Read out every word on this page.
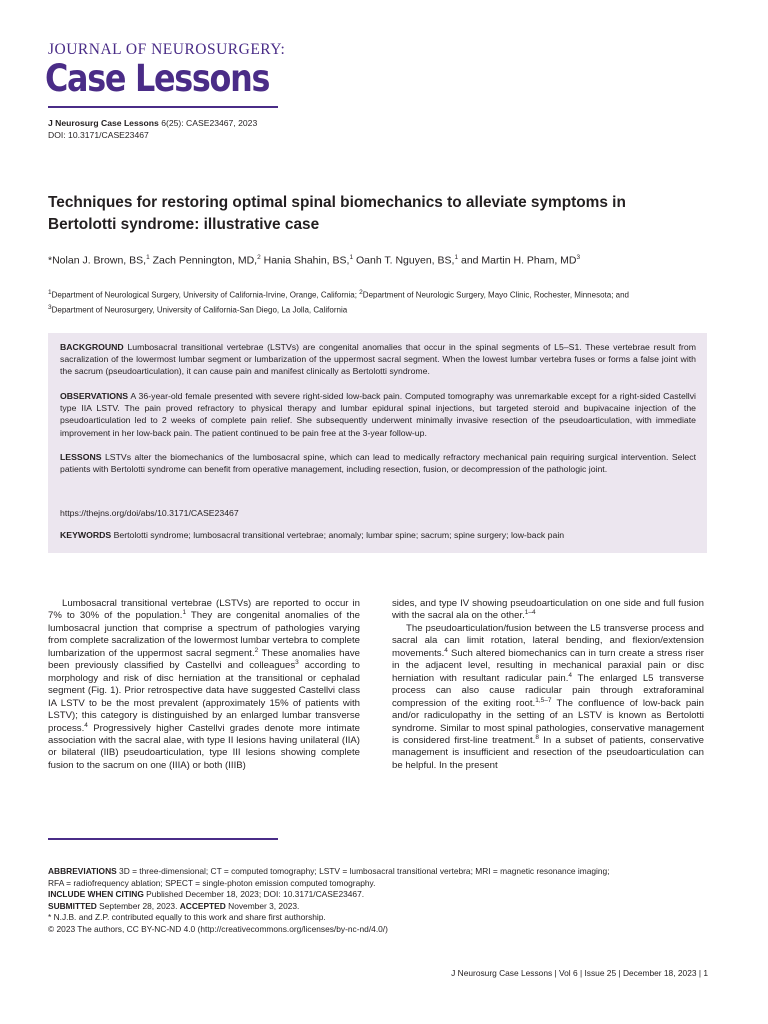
JOURNAL OF NEUROSURGERY:
Case Lessons
J Neurosurg Case Lessons 6(25): CASE23467, 2023
DOI: 10.3171/CASE23467
Techniques for restoring optimal spinal biomechanics to alleviate symptoms in Bertolotti syndrome: illustrative case
*Nolan J. Brown, BS,$^1$ Zach Pennington, MD,$^2$ Hania Shahin, BS,$^1$ Oanh T. Nguyen, BS,$^1$ and Martin H. Pham, $MD^3$
$^1$Department of Neurological Surgery, University of California-Irvine, Orange, California; $^2$Department of Neurologic Surgery, Mayo Clinic, Rochester, Minnesota; and
$^3$Department of Neurosurgery, University of California-San Diego, La Jolla, California
BACKGROUND Lumbosacral transitional vertebrae (LSTVs) are congenital anomalies that occur in the spinal segments of L5–S1. These vertebrae result from sacralization of the lowermost lumbar segment or lumbarization of the uppermost sacral segment. When the lowest lumbar vertebra fuses or forms a false joint with the sacrum (pseudoarticulation), it can cause pain and manifest clinically as Bertolotti syndrome.
OBSERVATIONS A 36-year-old female presented with severe right-sided low-back pain. Computed tomography was unremarkable except for a right-sided Castellvi type IIA LSTV. The pain proved refractory to physical therapy and lumbar epidural spinal injections, but targeted steroid and bupivacaine injection of the pseudoarticulation led to 2 weeks of complete pain relief. She subsequently underwent minimally invasive resection of the pseudoarticulation, with immediate improvement in her low-back pain. The patient continued to be pain free at the 3-year follow-up.
LESSONS LSTVs alter the biomechanics of the lumbosacral spine, which can lead to medically refractory mechanical pain requiring surgical intervention. Select patients with Bertolotti syndrome can benefit from operative management, including resection, fusion, or decompression of the pathologic joint.
https://thejns.org/doi/abs/10.3171/CASE23467
KEYWORDS Bertolotti syndrome; lumbosacral transitional vertebrae; anomaly; lumbar spine; sacrum; spine surgery; low-back pain

Lumbosacral transitional vertebrae (LSTVs) are reported to occur in 7% to 30% of the population.$^1$ They are congenital anomalies of the lumbosacral junction that comprise a spectrum of pathologies varying from complete sacralization of the lowermost lumbar vertebra to complete lumbarization of the uppermost sacral segment.$^2$ These anomalies have been previously classified by Castellvi and colleagues$^3$ according to morphology and risk of disc herniation at the transitional or cephalad segment (Fig. 1). Prior retrospective data have suggested Castellvi class IA LSTV to be the most prevalent (approximately 15% of patients with LSTV); this category is distinguished by an enlarged lumbar transverse process.$^4$ Progressively higher Castellvi grades denote more intimate association with the sacral alae, with type II lesions having unilateral (IIA) or bilateral (IIB) pseudoarticulation, type III lesions showing complete fusion to the sacrum on one (IIIA) or both (IIIB)

sides, and type IV showing pseudoarticulation on one side and full fusion with the sacral ala on the other.$^{1-4}$

The pseudoarticulation/fusion between the L5 transverse process and sacral ala can limit rotation, lateral bending, and flexion/extension movements.$^4$ Such altered biomechanics can in turn create a stress riser in the adjacent level, resulting in mechanical paraxial pain or disc herniation with resultant radicular pain.$^4$ The enlarged L5 transverse process can also cause radicular pain through extraforaminal compression of the exiting root.$^{1,5-7}$ The confluence of low-back pain and/or radiculopathy in the setting of an LSTV is known as Bertolotti syndrome. Similar to most spinal pathologies, conservative management is considered first-line treatment.$^8$ In a subset of patients, conservative management is insufficient and resection of the pseudoarticulation can be helpful. In the present

ABBREVIATIONS 3D = three-dimensional; CT = computed tomography; LSTV = lumbosacral transitional vertebra; MRI = magnetic resonance imaging;
RFA = radiofrequency ablation; SPECT = single-photon emission computed tomography.
INCLUDE WHEN CITING Published December 18, 2023; DOI: 10.3171/CASE23467.
SUBMITTED September 28, 2023. ACCEPTED November 3, 2023.
* N.J.B. and Z.P. contributed equally to this work and share first authorship.
© 2023 The authors, CC BY-NC-ND 4.0 (http://creativecommons.org/licenses/by-nc-nd/4.0/)
J Neurosurg Case Lessons | Vol 6 | Issue 25 | December 18, 2023 | 1
